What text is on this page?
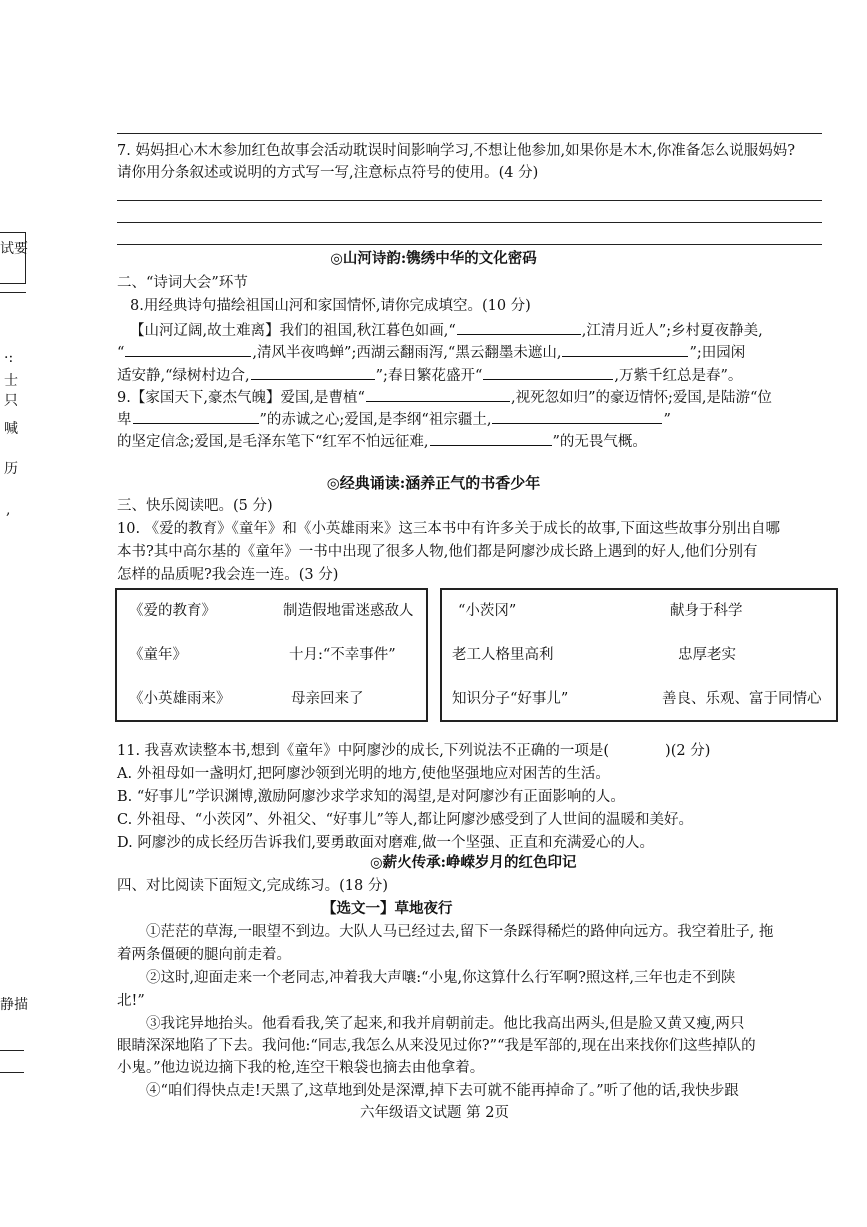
7. 妈妈担心木木参加红色故事会活动耽误时间影响学习,不想让他参加,如果你是木木,你准备怎么说服妈妈?
请你用分条叙述或说明的方式写一写,注意标点符号的使用。(4 分)
◎山河诗韵:镌绣中华的文化密码
二、“诗词大会”环节
8.用经典诗句描绘祖国山河和家国情怀,请你完成填空。(10 分)
【山河辽阔,故土难离】我们的祖国,秋江暮色如画,“	,江清月近人”;乡村夏夜静美,
“	,清风半夜鸣蝉”;西湖云翻雨泻,“黑云翻墨未遮山,	”;田园闲
适安静,“绿树村边合,	”;春日繁花盛开“	,万紫千红总是春”。
9.【家国天下,豪杰气魄】爱国,是曹植“	,视死忽如归”的豪迈情怀;爱国,是陆游“位
卑	”的赤诚之心;爱国,是李纲“祖宗疆土,	”
的坚定信念;爱国,是毛泽东笔下“红军不怕远征难,	”的无畏气概。
◎经典诵读:涵养正气的书香少年
三、快乐阅读吧。(5 分)
10. 《爱的教育》《童年》和《小英雄雨来》这三本书中有许多关于成长的故事,下面这些故事分别出自哪
本书?其中高尔基的《童年》一书中出现了很多人物,他们都是阿廖沙成长路上遇到的好人,他们分别有
怎样的品质呢?我会连一连。(3 分)
《爱的教育》	制造假地雷迷惑敌人
《童年》	十月:“不幸事件”
《小英雄雨来》	母亲回来了
“小茨冈”	献身于科学
老工人格里高利	忠厚老实
知识分子“好事儿”	善良、乐观、富于同情心
11. 我喜欢读整本书,想到《童年》中阿廖沙的成长,下列说法不正确的一项是(	)(2 分)
A. 外祖母如一盏明灯,把阿廖沙领到光明的地方,使他坚强地应对困苦的生活。
B. “好事儿”学识渊博,激励阿廖沙求学求知的渴望,是对阿廖沙有正面影响的人。
C. 外祖母、“小茨冈”、外祖父、“好事儿”等人,都让阿廖沙感受到了人世间的温暖和美好。
D. 阿廖沙的成长经历告诉我们,要勇敢面对磨难,做一个坚强、正直和充满爱心的人。
◎薪火传承:峥嵘岁月的红色印记
四、对比阅读下面短文,完成练习。(18 分)
【选文一】草地夜行
①茫茫的草海,一眼望不到边。大队人马已经过去,留下一条踩得稀烂的路伸向远方。我空着肚子, 拖
着两条僵硬的腿向前走着。
②这时,迎面走来一个老同志,冲着我大声嚷:“小鬼,你这算什么行军啊?照这样,三年也走不到陕
北!”
③我诧异地抬头。他看看我,笑了起来,和我并肩朝前走。他比我高出两头,但是脸又黄又瘦,两只
眼睛深深地陷了下去。我问他:“同志,我怎么从来没见过你?”“我是军部的,现在出来找你们这些掉队的
小鬼。”他边说边摘下我的枪,连空干粮袋也摘去由他拿着。
④“咱们得快点走!天黑了,这草地到处是深潭,掉下去可就不能再掉命了。”听了他的话,我快步跟
六年级语文试题 第 2页
试要
·:
士
只
喊
历
,
静描
